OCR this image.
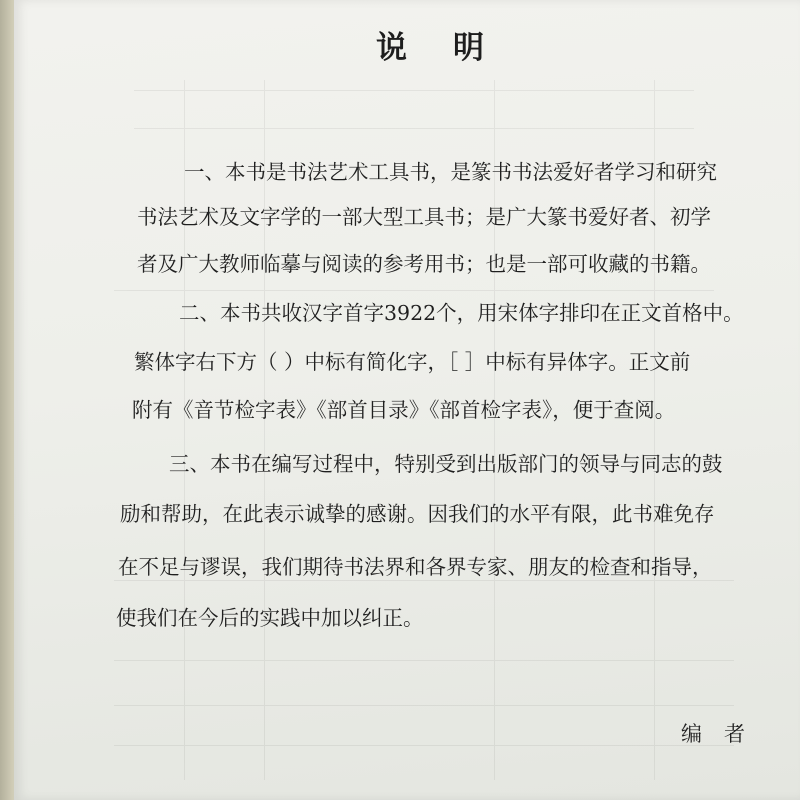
说 明
一、本书是书法艺术工具书，是篆书书法爱好者学习和研究
书法艺术及文字学的一部大型工具书；是广大篆书爱好者、初学
者及广大教师临摹与阅读的参考用书；也是一部可收藏的书籍。
二、本书共收汉字首字3922个，用宋体字排印在正文首格中。
繁体字右下方（ ）中标有简化字，［ ］中标有异体字。正文前
附有《音节检字表》《部首目录》《部首检字表》，便于查阅。
三、本书在编写过程中，特别受到出版部门的领导与同志的鼓
励和帮助，在此表示诚挚的感谢。因我们的水平有限，此书难免存
在不足与谬误，我们期待书法界和各界专家、朋友的检查和指导，
使我们在今后的实践中加以纠正。
编者
